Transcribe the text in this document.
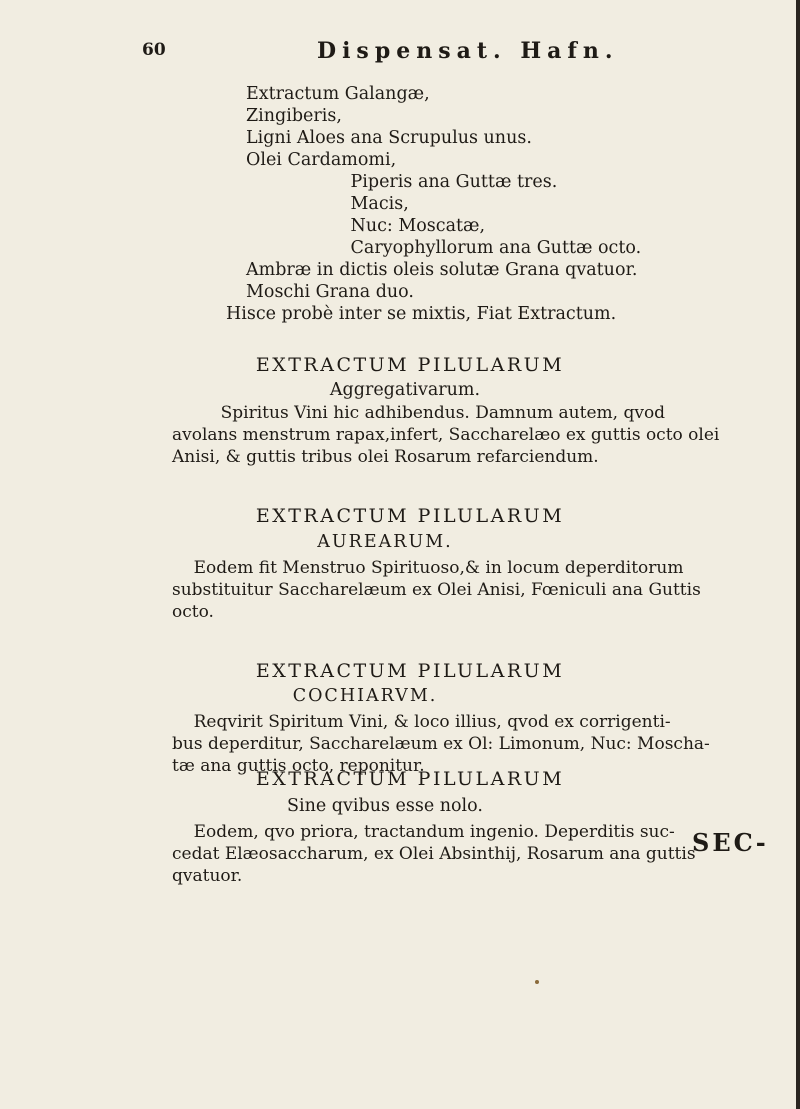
60	Dispensat. Hafn.
Extractum Galangæ,
Zingiberis,
Ligni Aloes ana Scrupulus unus.
Olei Cardamomi,
Piperis ana Guttæ tres.
Macis,
Nuc: Moscatæ,
Caryophyllorum ana Guttæ octo.
Ambræ in dictis oleis solutæ Grana qvatuor.
Moschi Grana duo.
Hisce probè inter se mixtis, Fiat Extractum.
EXTRACTUM PILULARUM
Aggregativarum.
Spiritus Vini hic adhibendus. Damnum autem, qvod
avolans menstrum rapax,infert, Saccharelæo ex guttis octo olei
Anisi, & guttis tribus olei Rosarum refarciendum.
EXTRACTUM PILULARUM
AUREARUM.
Eodem fit Menstruo Spirituoso,& in locum deperditorum
substituitur Saccharelæum ex Olei Anisi, Fœniculi ana Guttis
octo.
EXTRACTUM PILULARUM
COCHIARVM.
Reqvirit Spiritum Vini, & loco illius, qvod ex corrigenti-
bus deperditur, Saccharelæum ex Ol: Limonum, Nuc: Moscha-
tæ ana guttis octo, reponitur.
EXTRACTUM PILULARUM
Sine qvibus esse nolo.
Eodem, qvo priora, tractandum ingenio. Deperditis suc-
cedat Elæosaccharum, ex Olei Absinthij, Rosarum ana guttis
qvatuor.
SEC-
